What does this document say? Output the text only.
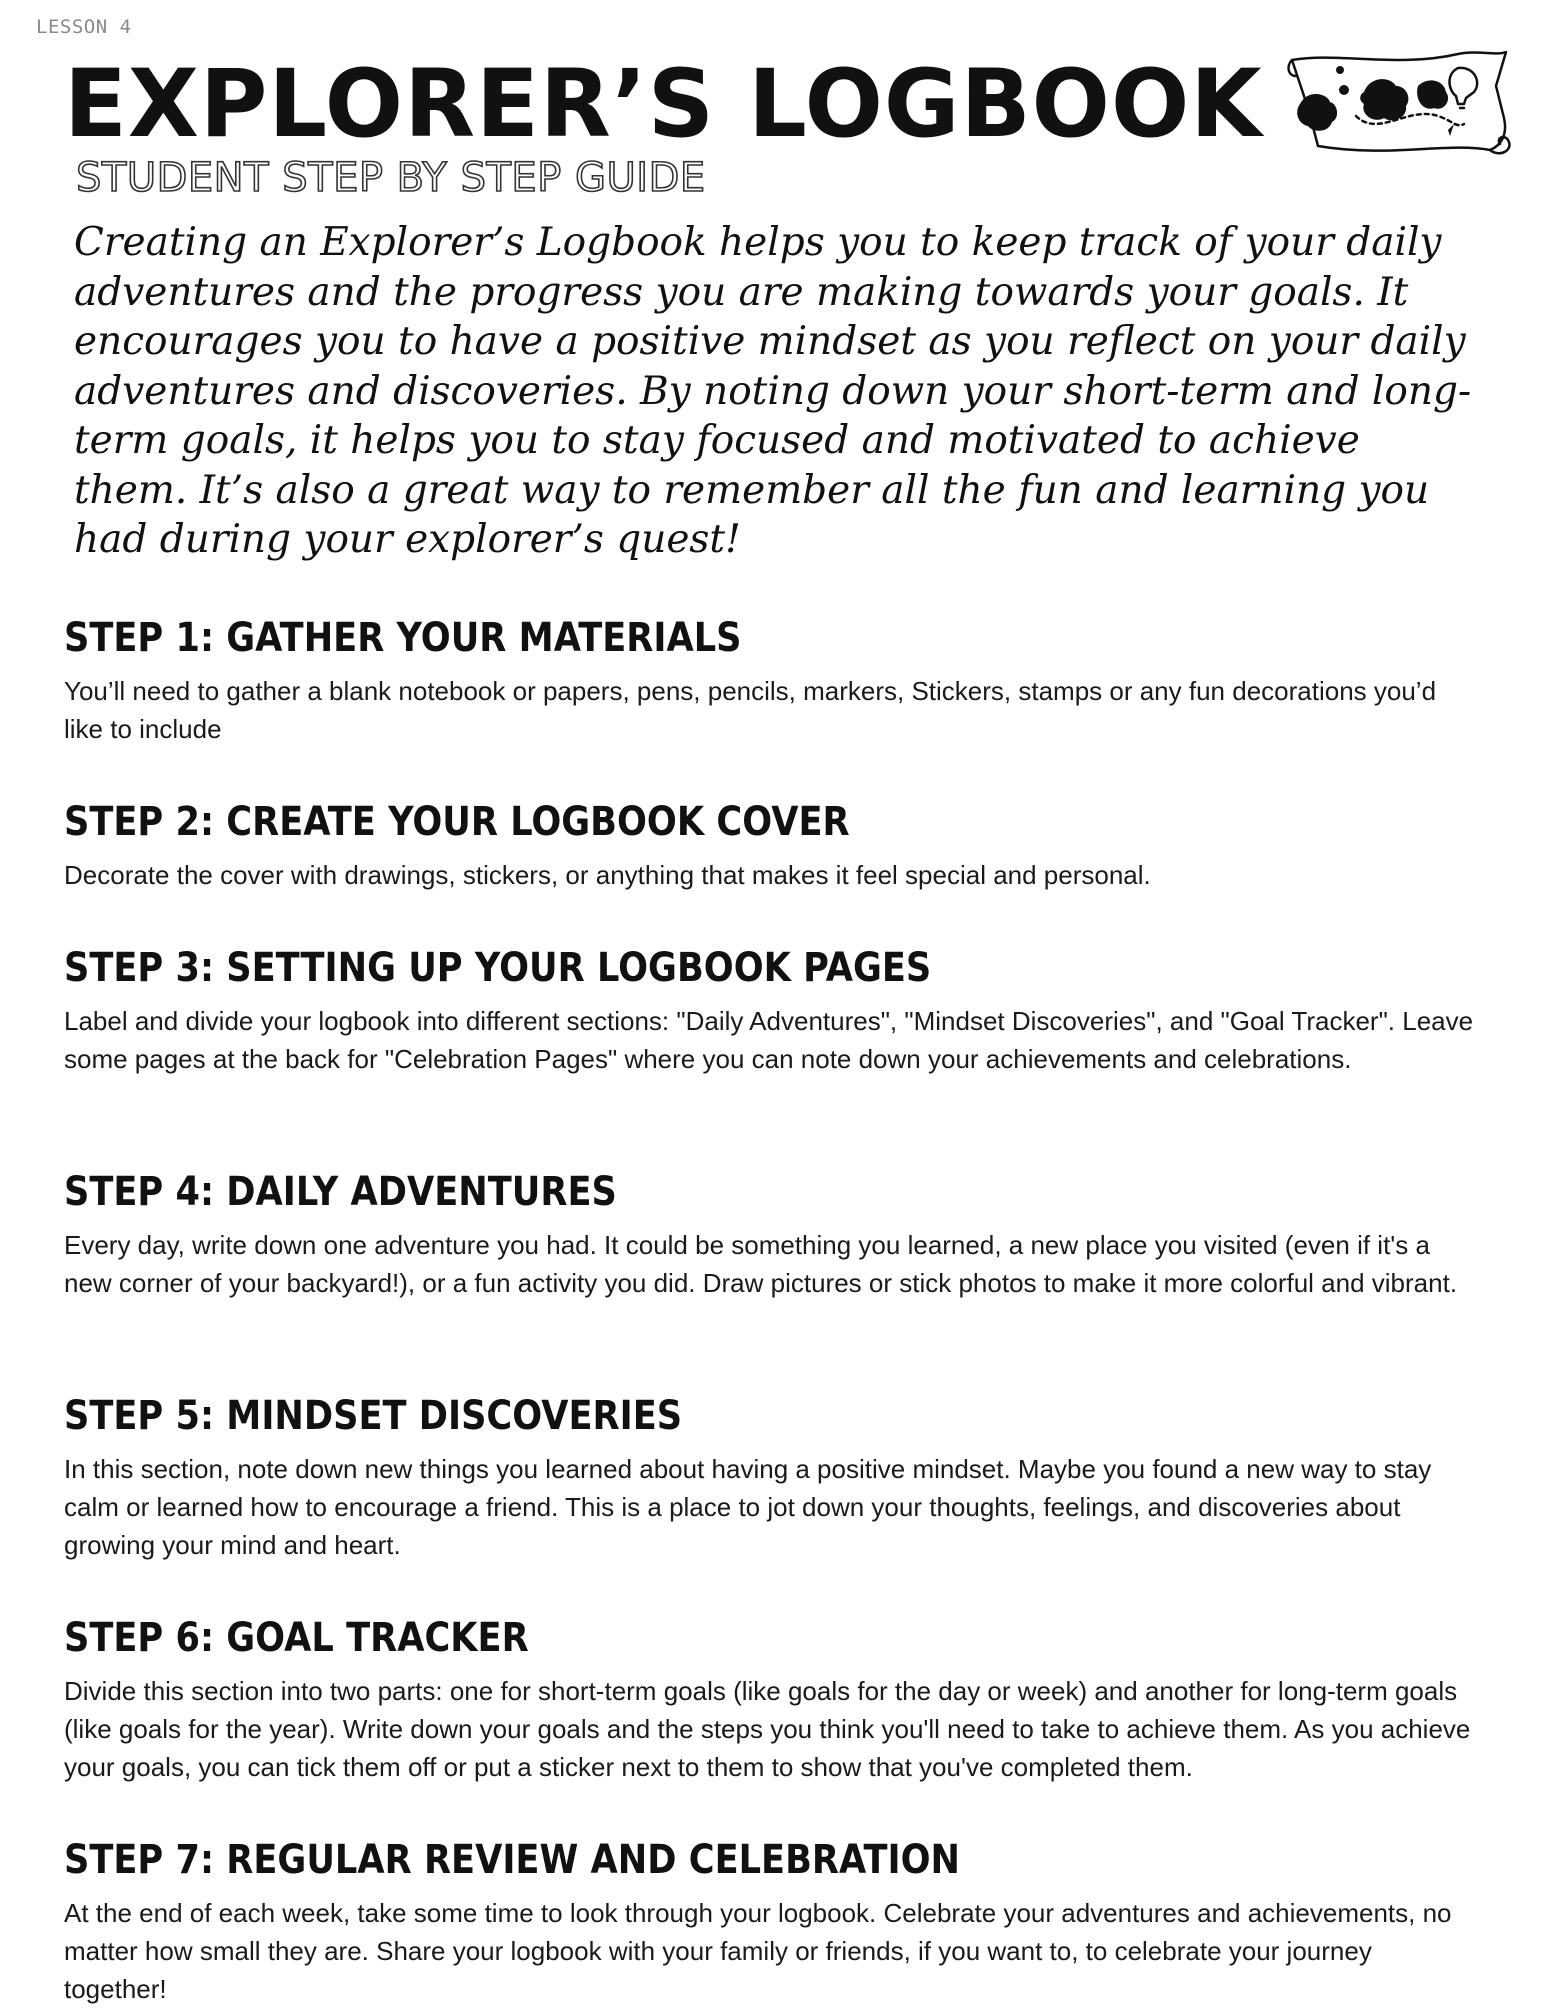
LESSON 4
EXPLORER’S LOGBOOK
STUDENT STEP BY STEP GUIDE

Creating an Explorer’s Logbook helps you to keep track of your daily adventures and the progress you are making towards your goals. It encourages you to have a positive mindset as you reflect on your daily adventures and discoveries. By noting down your short-term and long-term goals, it helps you to stay focused and motivated to achieve them. It’s also a great way to remember all the fun and learning you had during your explorer’s quest!

STEP 1: GATHER YOUR MATERIALS

You’ll need to gather a blank notebook or papers, pens, pencils, markers, Stickers, stamps or any fun decorations you’d like to include

STEP 2: CREATE YOUR LOGBOOK COVER

Decorate the cover with drawings, stickers, or anything that makes it feel special and personal.

STEP 3: SETTING UP YOUR LOGBOOK PAGES

Label and divide your logbook into different sections: "Daily Adventures", "Mindset Discoveries", and "Goal Tracker". Leave some pages at the back for "Celebration Pages" where you can note down your achievements and celebrations.

STEP 4: DAILY ADVENTURES

Every day, write down one adventure you had. It could be something you learned, a new place you visited (even if it's a new corner of your backyard!), or a fun activity you did. Draw pictures or stick photos to make it more colorful and vibrant.

STEP 5: MINDSET DISCOVERIES

In this section, note down new things you learned about having a positive mindset. Maybe you found a new way to stay calm or learned how to encourage a friend. This is a place to jot down your thoughts, feelings, and discoveries about growing your mind and heart.

STEP 6: GOAL TRACKER

Divide this section into two parts: one for short-term goals (like goals for the day or week) and another for long-term goals (like goals for the year). Write down your goals and the steps you think you'll need to take to achieve them. As you achieve your goals, you can tick them off or put a sticker next to them to show that you've completed them.

STEP 7: REGULAR REVIEW AND CELEBRATION

At the end of each week, take some time to look through your logbook. Celebrate your adventures and achievements, no matter how small they are. Share your logbook with your family or friends, if you want to, to celebrate your journey together!
